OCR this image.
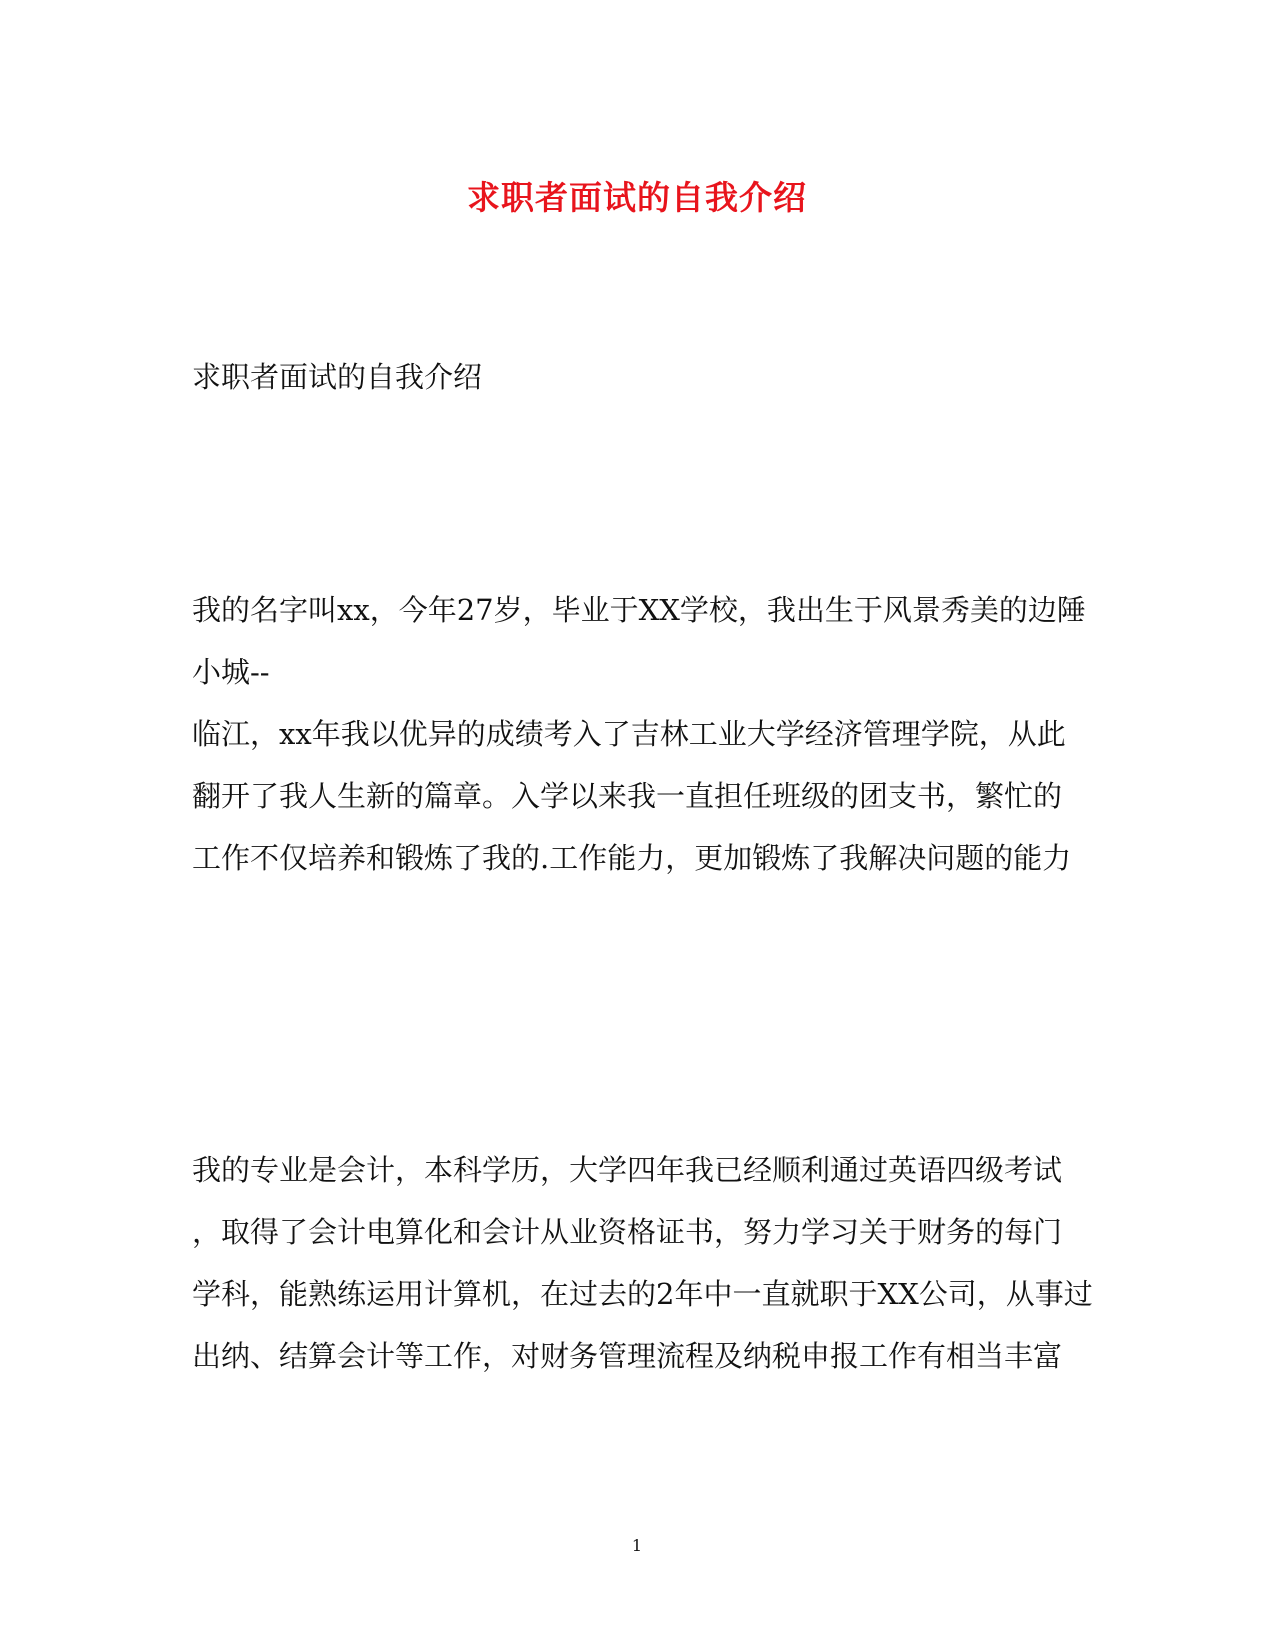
求职者面试的自我介绍
求职者面试的自我介绍
我的名字叫xx，今年27岁，毕业于XX学校，我出生于风景秀美的边陲
小城--
临江，xx年我以优异的成绩考入了吉林工业大学经济管理学院，从此
翻开了我人生新的篇章。入学以来我一直担任班级的团支书，繁忙的
工作不仅培养和锻炼了我的.工作能力，更加锻炼了我解决问题的能力
我的专业是会计，本科学历，大学四年我已经顺利通过英语四级考试
，取得了会计电算化和会计从业资格证书，努力学习关于财务的每门
学科，能熟练运用计算机，在过去的2年中一直就职于XX公司，从事过
出纳、结算会计等工作，对财务管理流程及纳税申报工作有相当丰富
1
